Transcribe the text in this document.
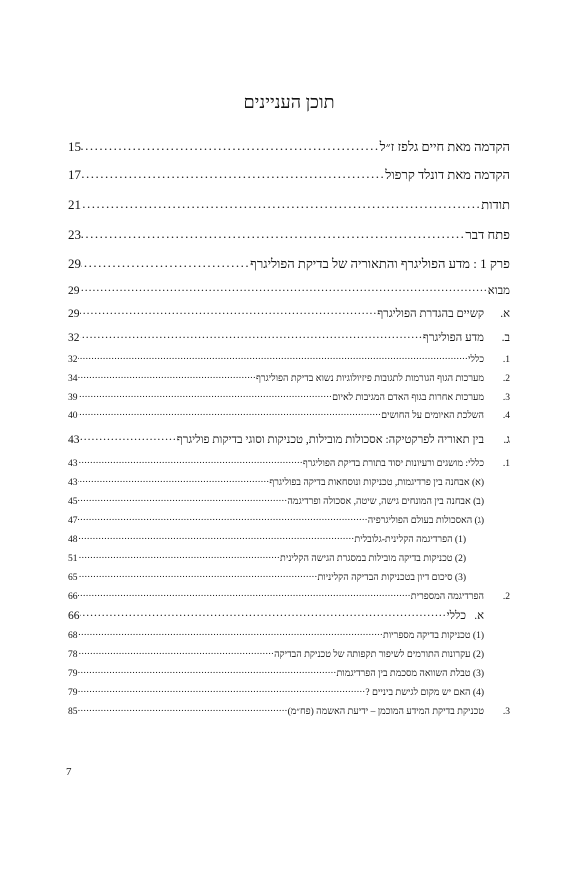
תוכן העניינים
הקדמה מאת חיים גלפז ז״ל
.....
15
הקדמה מאת דונלד קרפול
.....
17
תודות
.....
21
פתח דבר
.....
23
פרק 1 : מדע הפוליגרף והתאוריה של בדיקת הפוליגרף
.....
29
מבוא
.....
29
א.
קשיים בהגדרת הפוליגרף
.....
29
ב.
מדע הפוליגרף
.....
32
1.
כללי
.....
32
2.
מערכות הגוף הגורמות לתגובות פיזיולוגיות נשוא בדיקת הפוליגרף
.....
34
3.
מערכות אחרות בגוף האדם המגיבות לאיום
.....
39
4.
השלכת האיומים על החושים
.....
40
ג.
בין תאוריה לפרקטיקה: אסכולות מובילות, טכניקות וסוגי בדיקות פוליגרף
.....
43
1.
כללי: מושגים ורעיונות יסוד בתורת בדיקת הפוליגרף
.....
43
(א) אבחנה בין פרדיגמות, טכניקות ונוסחאות בדיקה בפוליגרף
.....
43
(ב) אבחנה בין המונחים גישה, שיטה, אסכולה ופרדיגמה
.....
45
(ג) האסכולות בעולם הפוליגרפיה
.....
47
(1) הפרדיגמה הקלינית-גלובלית
.....
48
(2) טכניקות בדיקה מובילות במסגרת הגישה הקלינית
.....
51
(3) סיכום דיון בטכניקות הבדיקה הקליניות
.....
65
2.
הפרדיגמה המספרית
.....
66
א.
כללי
.....
66
(1) טכניקות בדיקה מספריות
.....
68
(2) עקרונות התורמים לשיפור תקפותה של טכניקת הבדיקה
.....
78
(3) טבלת השוואה מסכמת בין הפרדיגמות
.....
79
(4) האם יש מקום לגישת ביניים ?
.....
79
3.
טכניקת בדיקת המידע המוכמן – ידיעת האשמה (פח״מ)
.....
85
7
